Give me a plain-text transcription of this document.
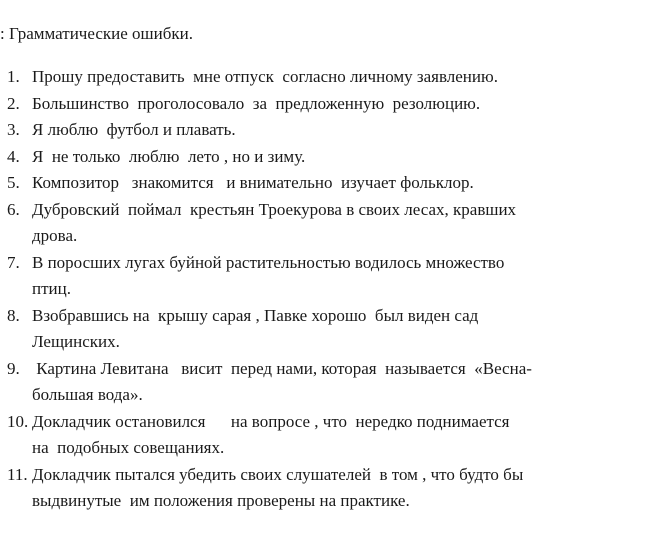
: Грамматические ошибки.
1. Прошу предоставить  мне отпуск  согласно личному заявлению.
2. Большинство  проголосовало  за  предложенную  резолюцию.
3. Я люблю  футбол и плавать.
4. Я  не только  люблю  лето , но и зиму.
5. Композитор   знакомится   и внимательно  изучает фольклор.
6. Дубровский  поймал  крестьян Троекурова в своих лесах, кравших
дрова.
7. В поросших лугах буйной растительностью водилось множество
птиц.
8. Взобравшись на  крышу сарая , Павке хорошо  был виден сад
Лещинских.
9. Картина Левитана   висит  перед нами, которая  называется  «Весна-
большая вода».
10. Докладчик остановился      на вопросе , что  нередко поднимается
на  подобных совещаниях.
11. Докладчик пытался убедить своих слушателей  в том , что будто бы
выдвинутые  им положения проверены на практике.
